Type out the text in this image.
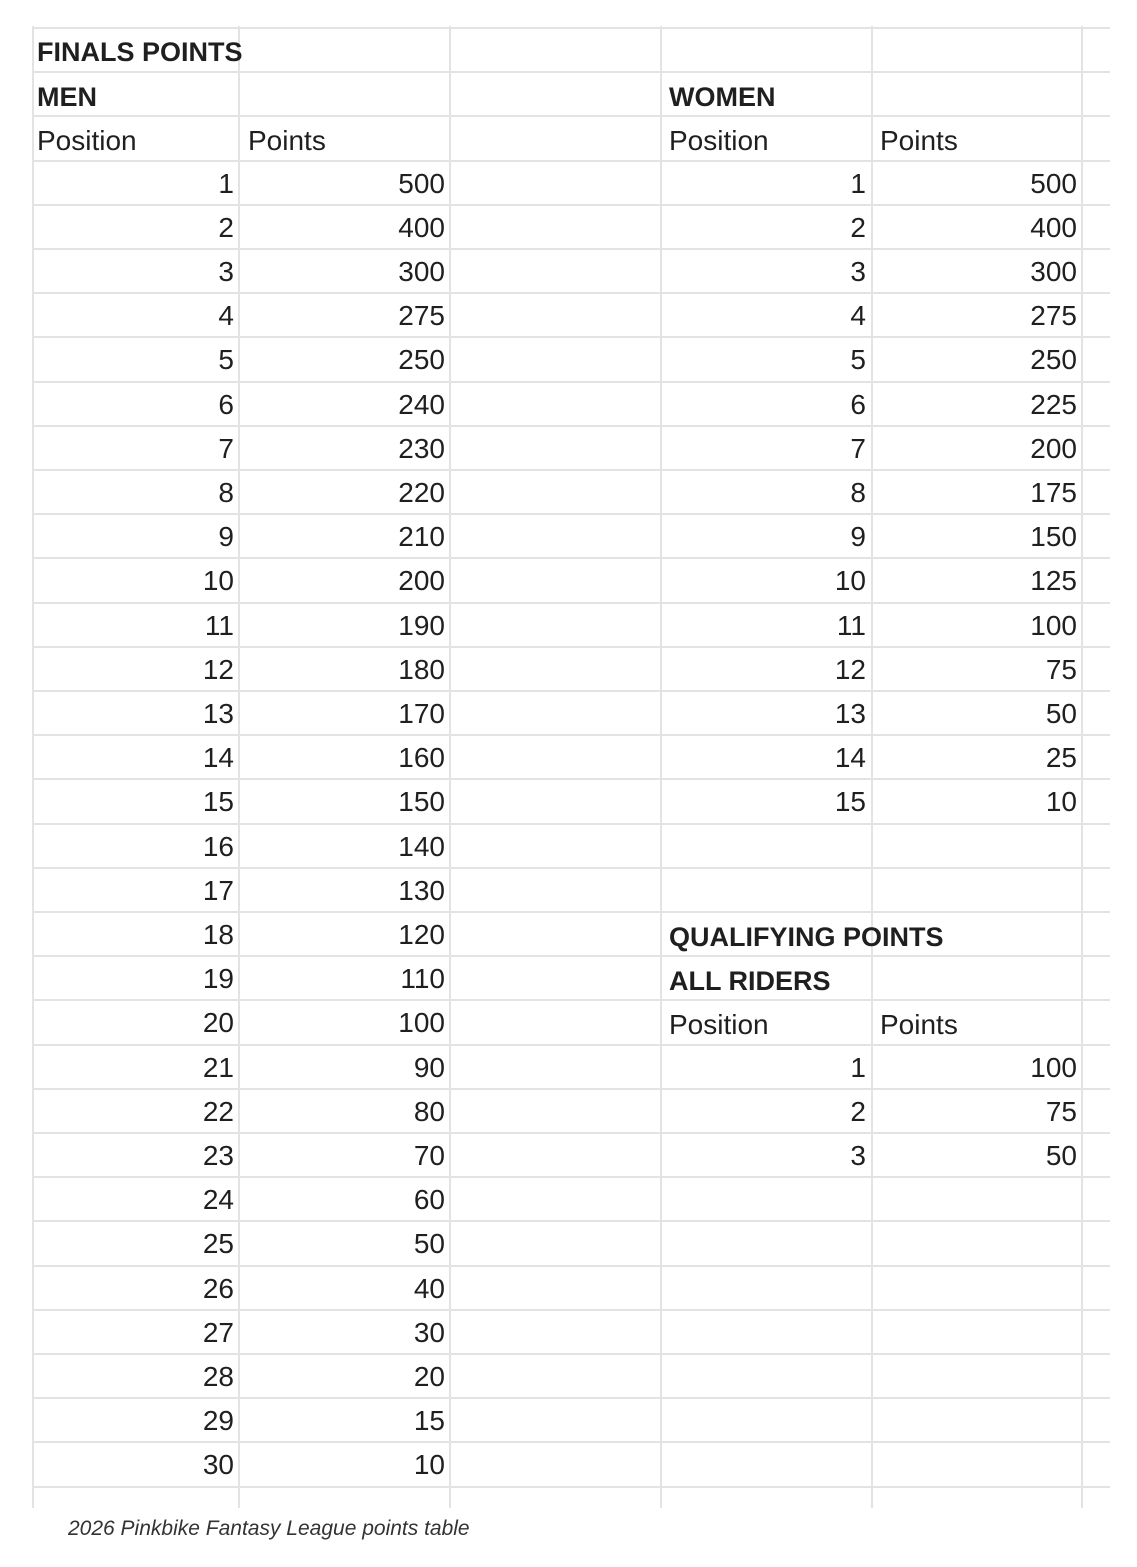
FINALS POINTS
MEN
Position	Points
1	500
2	400
3	300
4	275
5	250
6	240
7	230
8	220
9	210
10	200
11	190
12	180
13	170
14	160
15	150
16	140
17	130
18	120
19	110
20	100
21	90
22	80
23	70
24	60
25	50
26	40
27	30
28	20
29	15
30	10
WOMEN
Position	Points
1	500
2	400
3	300
4	275
5	250
6	225
7	200
8	175
9	150
10	125
11	100
12	75
13	50
14	25
15	10
QUALIFYING POINTS
ALL RIDERS
Position	Points
1	100
2	75
3	50
2026 Pinkbike Fantasy League points table
